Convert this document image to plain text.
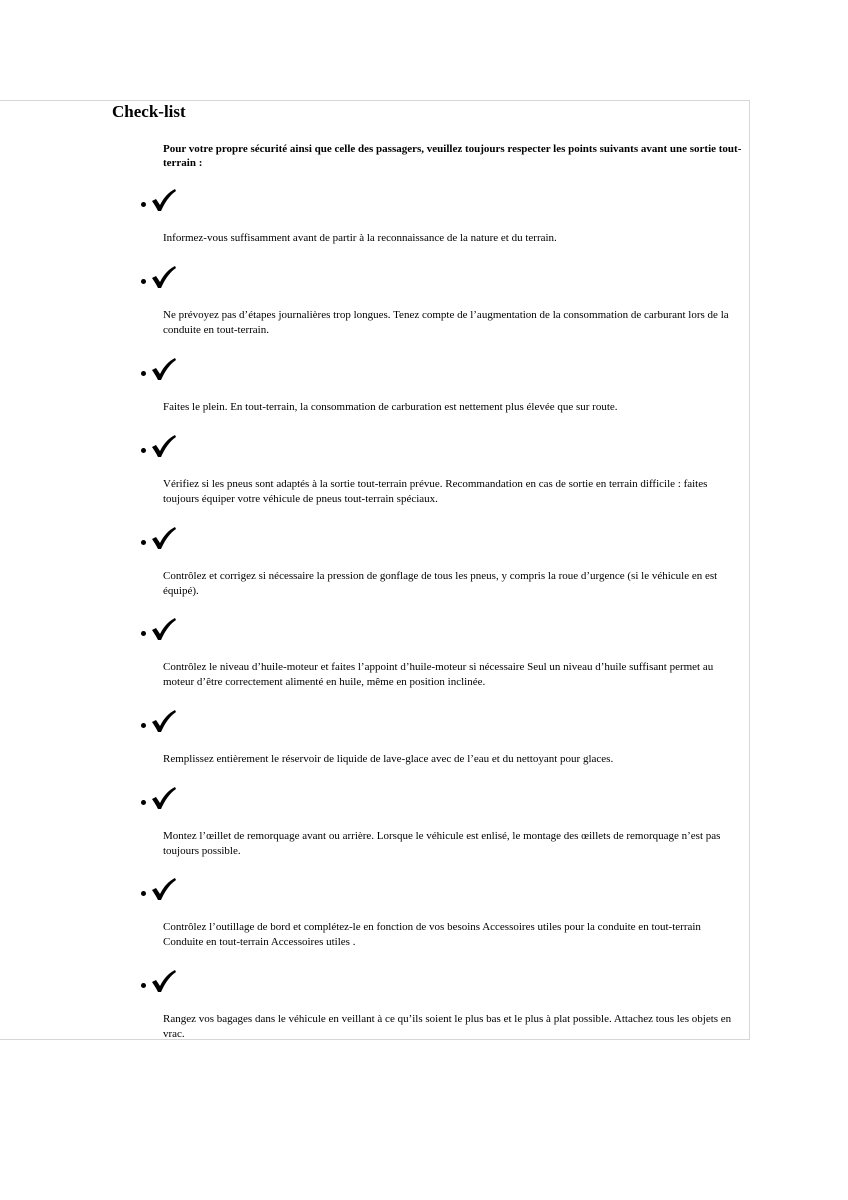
Check-list

Pour votre propre sécurité ainsi que celle des passagers, veuillez toujours respecter les points suivants avant une sortie tout-terrain :

Informez-vous suffisamment avant de partir à la reconnaissance de la nature et du terrain.

Ne prévoyez pas d’étapes journalières trop longues. Tenez compte de l’augmentation de la consommation de carburant lors de la conduite en tout-terrain.

Faites le plein. En tout-terrain, la consommation de carburation est nettement plus élevée que sur route.

Vérifiez si les pneus sont adaptés à la sortie tout-terrain prévue. Recommandation en cas de sortie en terrain difficile : faites toujours équiper votre véhicule de pneus tout-terrain spéciaux.

Contrôlez et corrigez si nécessaire la pression de gonflage de tous les pneus, y compris la roue d’urgence (si le véhicule en est équipé).

Contrôlez le niveau d’huile-moteur et faites l’appoint d’huile-moteur si nécessaire Seul un niveau d’huile suffisant permet au moteur d’être correctement alimenté en huile, même en position inclinée.

Remplissez entièrement le réservoir de liquide de lave-glace avec de l’eau et du nettoyant pour glaces.

Montez l’œillet de remorquage avant ou arrière. Lorsque le véhicule est enlisé, le montage des œillets de remorquage n’est pas toujours possible.

Contrôlez l’outillage de bord et complétez-le en fonction de vos besoins Accessoires utiles pour la conduite en tout-terrain Conduite en tout-terrain Accessoires utiles .

Rangez vos bagages dans le véhicule en veillant à ce qu’ils soient le plus bas et le plus à plat possible. Attachez tous les objets en vrac.
